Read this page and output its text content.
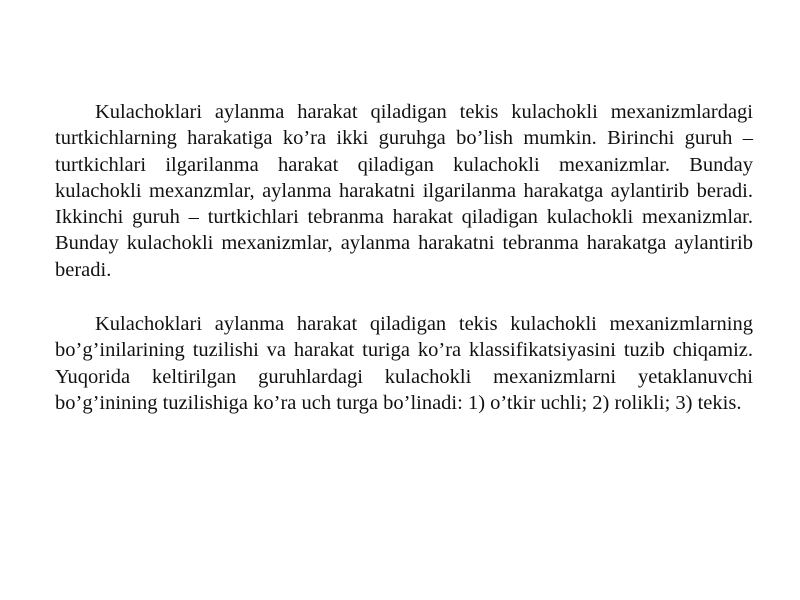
Kulachoklari aylanma harakat qiladigan tekis kulachokli mexanizmlardagi turtkichlarning harakatiga ko’ra ikki guruhga bo’lish mumkin. Birinchi guruh – turtkichlari ilgarilanma harakat qiladigan kulachokli mexanizmlar. Bunday kulachokli mexanzmlar, aylanma harakatni ilgarilanma harakatga aylantirib beradi. Ikkinchi guruh – turtkichlari tebranma harakat qiladigan kulachokli mexanizmlar. Bunday kulachokli mexanizmlar, aylanma harakatni tebranma harakatga aylantirib beradi.

Kulachoklari aylanma harakat qiladigan tekis kulachokli mexanizmlarning bo’g’inilarining tuzilishi va harakat turiga ko’ra klassifikatsiyasini tuzib chiqamiz. Yuqorida keltirilgan guruhlardagi kulachokli mexanizmlarni yetaklanuvchi bo’g’inining tuzilishiga ko’ra uch turga bo’linadi: 1) o’tkir uchli; 2) rolikli; 3) tekis.
